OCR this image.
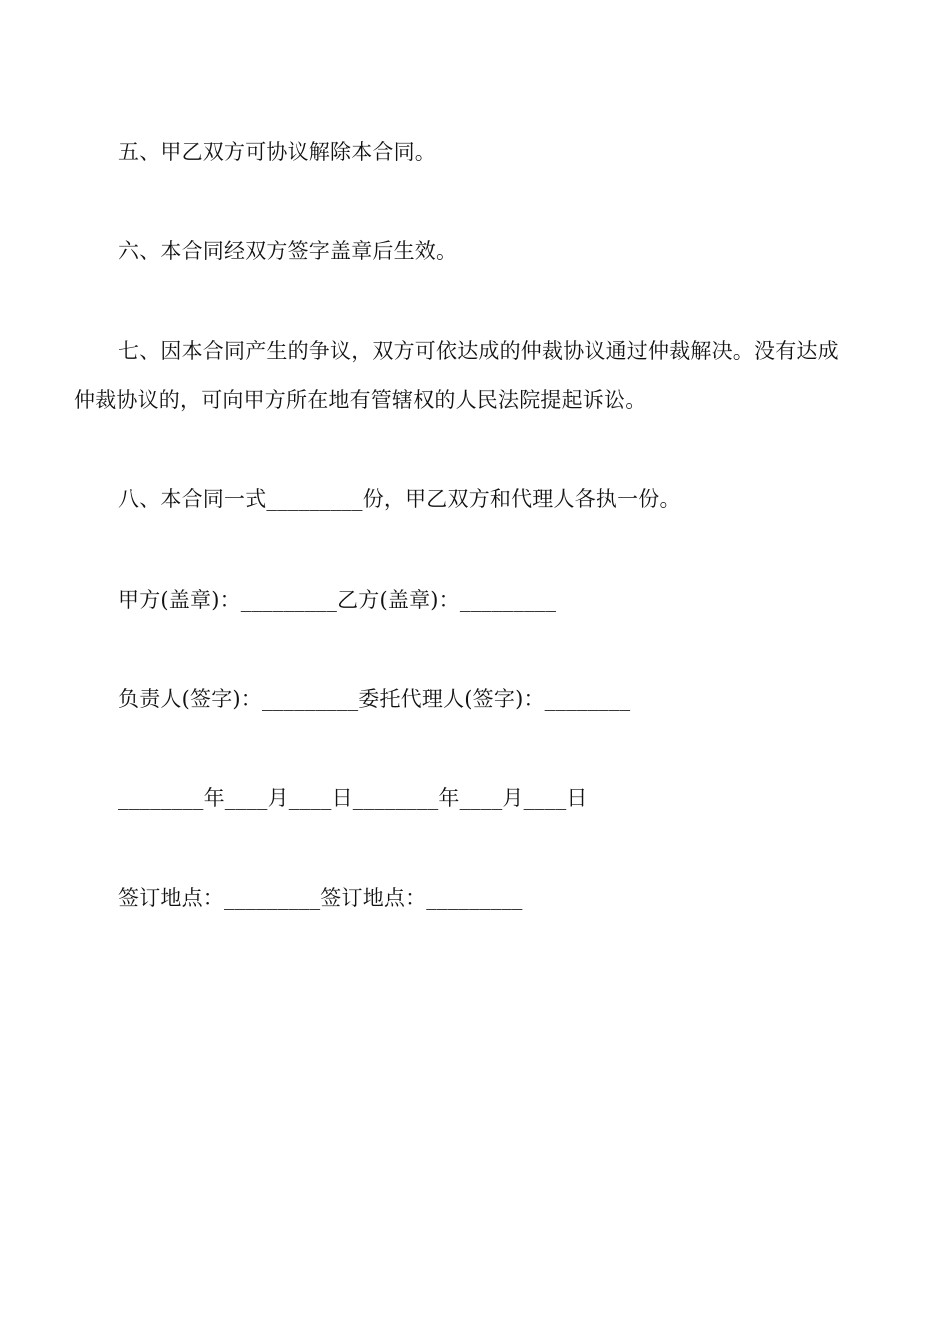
五、甲乙双方可协议解除本合同。
六、本合同经双方签字盖章后生效。
七、因本合同产生的争议，双方可依达成的仲裁协议通过仲裁解决。没有达成
仲裁协议的，可向甲方所在地有管辖权的人民法院提起诉讼。
八、本合同一式_________份，甲乙双方和代理人各执一份。
甲方(盖章)：_________乙方(盖章)：_________
负责人(签字)：_________委托代理人(签字)：________
________年____月____日________年____月____日
签订地点：_________签订地点：_________
